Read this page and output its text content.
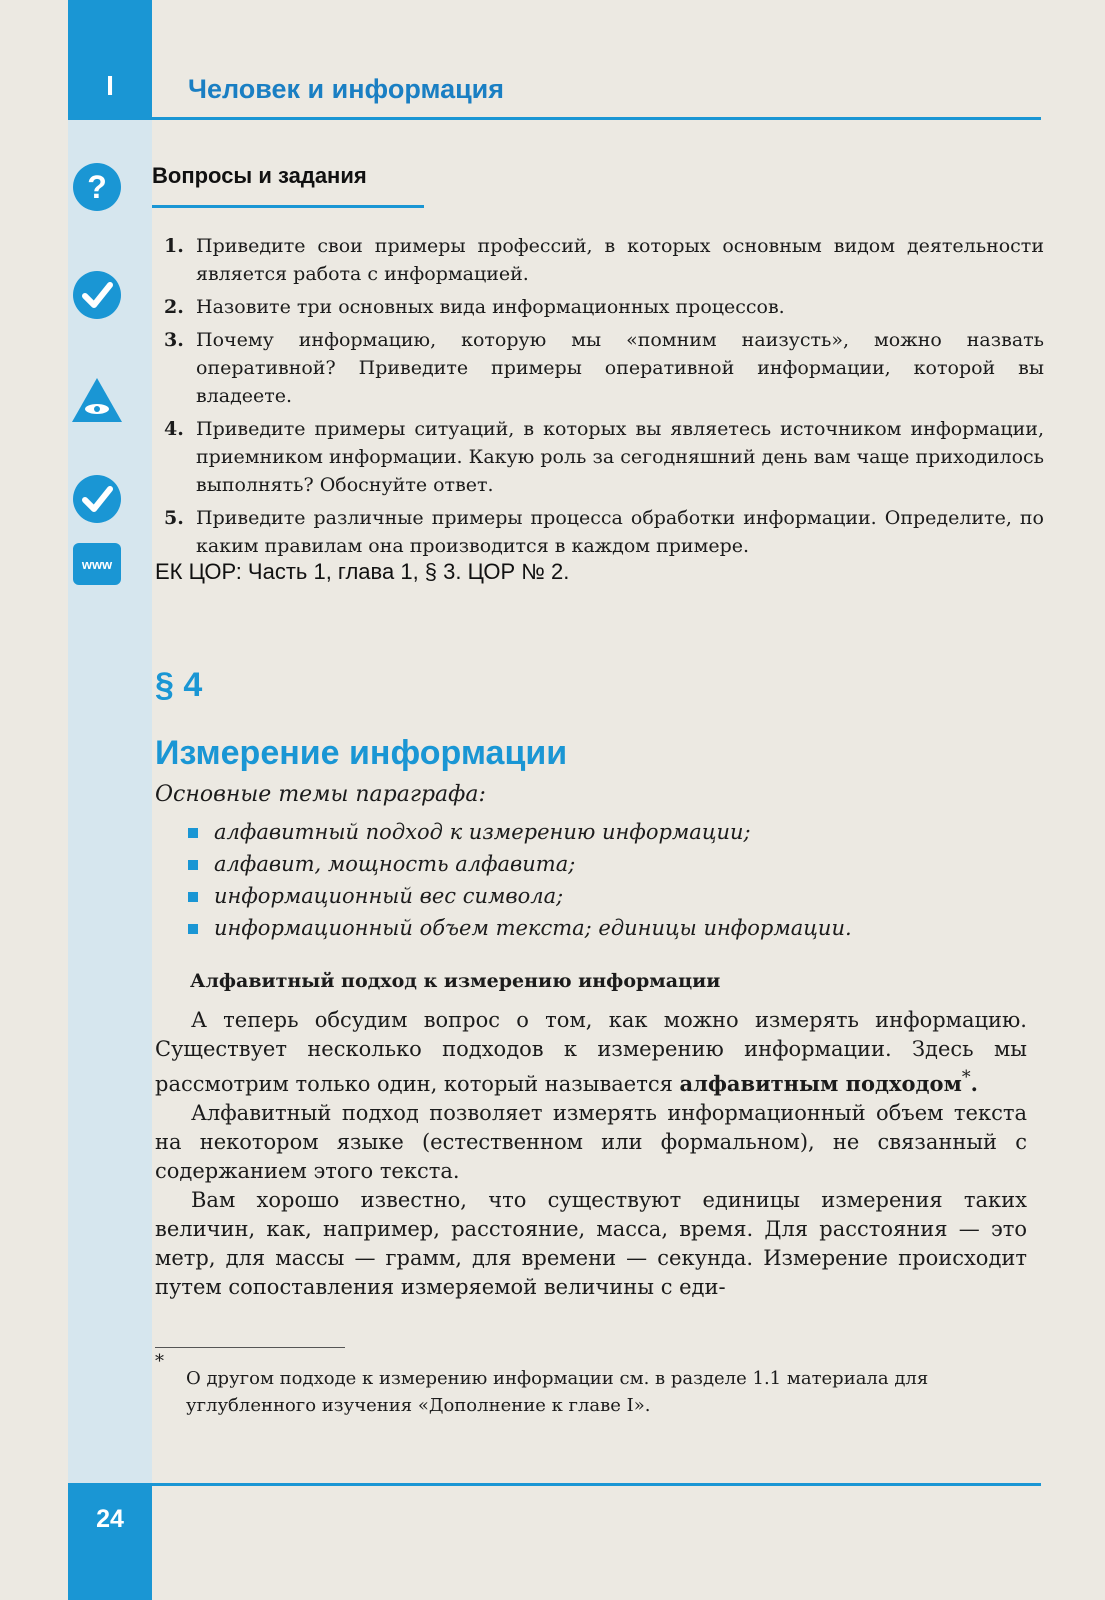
I	Человек и информация
?
www
Вопросы и задания
1. Приведите свои примеры профессий, в которых основным видом деятельности является работа с информацией.
2. Назовите три основных вида информационных процессов.
3. Почему информацию, которую мы «помним наизусть», можно назвать оперативной? Приведите примеры оперативной информации, которой вы владеете.
4. Приведите примеры ситуаций, в которых вы являетесь источником информации, приемником информации. Какую роль за сегодняшний день вам чаще приходилось выполнять? Обоснуйте ответ.
5. Приведите различные примеры процесса обработки информации. Определите, по каким правилам она производится в каждом примере.
ЕК ЦОР: Часть 1, глава 1, § 3. ЦОР № 2.
§ 4
Измерение информации
Основные темы параграфа:
алфавитный подход к измерению информации;
алфавит, мощность алфавита;
информационный вес символа;
информационный объем текста; единицы информации.
Алфавитный подход к измерению информации

А теперь обсудим вопрос о том, как можно измерять информацию. Существует несколько подходов к измерению информации. Здесь мы рассмотрим только один, который называется алфавитным подходом*.

Алфавитный подход позволяет измерять информационный объем текста на некотором языке (естественном или формальном), не связанный с содержанием этого текста.

Вам хорошо известно, что существуют единицы измерения таких величин, как, например, расстояние, масса, время. Для расстояния — это метр, для массы — грамм, для времени — секунда. Измерение происходит путем сопоставления измеряемой величины с еди-

*
О другом подходе к измерению информации см. в разделе 1.1 материала для углубленного изучения «Дополнение к главе I».
24
